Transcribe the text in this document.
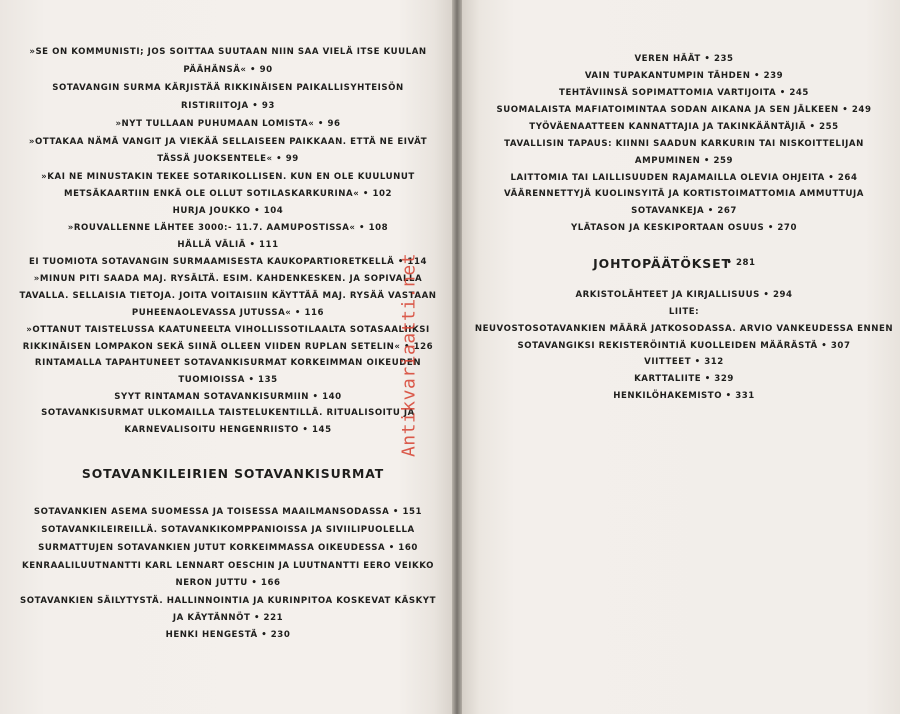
»SE ON KOMMUNISTI; JOS SOITTAA SUUTAAN NIIN SAA VIELÄ ITSE KUULAN
PÄÄHÄNSÄ« • 90
SOTAVANGIN SURMA KÄRJISTÄÄ RIKKINÄISEN PAIKALLISYHTEISÖN
RISTIRIITOJA • 93
»NYT TULLAAN PUHUMAAN LOMISTA« • 96
»OTTAKAA NÄMÄ VANGIT JA VIEKÄÄ SELLAISEEN PAIKKAAN. ETTÄ NE EIVÄT
TÄSSÄ JUOKSENTELE« • 99
»KAI NE MINUSTAKIN TEKEE SOTARIKOLLISEN. KUN EN OLE KUULUNUT
METSÄKAARTIIN ENKÄ OLE OLLUT SOTILASKARKURINA« • 102
HURJA JOUKKO • 104
»ROUVALLENNE LÄHTEE 3000:- 11.7. AAMUPOSTISSA« • 108
HÄLLÄ VÄLIÄ • 111
EI TUOMIOTA SOTAVANGIN SURMAAMISESTA KAUKOPARTIORETKELLÄ • 114
»MINUN PITI SAADA MAJ. RYSÄLTÄ. ESIM. KAHDENKESKEN. JA SOPIVALLA
TAVALLA. SELLAISIA TIETOJA. JOITA VOITAISIIN KÄYTTÄÄ MAJ. RYSÄÄ VASTAAN
PUHEENAOLEVASSA JUTUSSA« • 116
»OTTANUT TAISTELUSSA KAATUNEELTA VIHOLLISSOTILAALTA SOTASAALIIKSI
RIKKINÄISEN LOMPAKON SEKÄ SIINÄ OLLEEN VIIDEN RUPLAN SETELIN« • 126
RINTAMALLA TAPAHTUNEET SOTAVANKISURMAT KORKEIMMAN OIKEUDEN
TUOMIOISSA • 135
SYYT RINTAMAN SOTAVANKISURMIIN • 140
SOTAVANKISURMAT ULKOMAILLA TAISTELUKENTILLÄ. RITUALISOITU JA
KARNEVALISOITU HENGENRIISTO • 145
SOTAVANKILEIRIEN SOTAVANKISURMAT
SOTAVANKIEN ASEMA SUOMESSA JA TOISESSA MAAILMANSODASSA • 151
SOTAVANKILEIREILLÄ. SOTAVANKIKOMPPANIOISSA JA SIVIILIPUOLELLA
SURMATTUJEN SOTAVANKIEN JUTUT KORKEIMMASSA OIKEUDESSA • 160
KENRAALILUUTNANTTI KARL LENNART OESCHIN JA LUUTNANTTI EERO VEIKKO
NERON JUTTU • 166
SOTAVANKIEN SÄILYTYSTÄ. HALLINNOINTIA JA KURINPITOA KOSKEVAT KÄSKYT
JA KÄYTÄNNÖT • 221
HENKI HENGESTÄ • 230
Antikvariaatti.net
VEREN HÄÄT • 235
VAIN TUPAKANTUMPIN TÄHDEN • 239
TEHTÄVIINSÄ SOPIMATTOMIA VARTIJOITA • 245
SUOMALAISTA MAFIATOIMINTAA SODAN AIKANA JA SEN JÄLKEEN • 249
TYÖVÄENAATTEEN KANNATTAJIA JA TAKINKÄÄNTÄJIÄ • 255
TAVALLISIN TAPAUS: KIINNI SAADUN KARKURIN TAI NISKOITTELIJAN
AMPUMINEN • 259
LAITTOMIA TAI LAILLISUUDEN RAJAMAILLA OLEVIA OHJEITA • 264
VÄÄRENNETTYJÄ KUOLINSYITÄ JA KORTISTOIMATTOMIA AMMUTTUJA
SOTAVANKEJA • 267
YLÄTASON JA KESKIPORTAAN OSUUS • 270
JOHTOPÄÄTÖKSET
• 281
ARKISTOLÄHTEET JA KIRJALLISUUS • 294
LIITE:
NEUVOSTOSOTAVANKIEN MÄÄRÄ JATKOSODASSA. ARVIO VANKEUDESSA ENNEN
SOTAVANGIKSI REKISTERÖINTIÄ KUOLLEIDEN MÄÄRÄSTÄ • 307
VIITTEET • 312
KARTTALIITE • 329
HENKILÖHAKEMISTO • 331
